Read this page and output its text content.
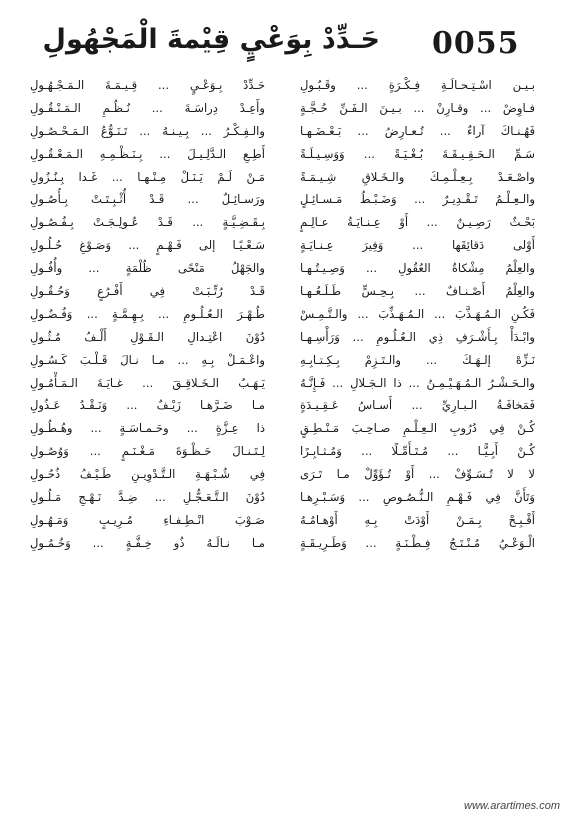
0055
حَـدِّدْ بِوَعْيٍ قِيْمةَ الْمَجْهُولِ
بـيـن اسْـتِـحـالَـةِ فِـكْـرَةٍ ... وقَـبُـولِ
حَـدِّدْ بِـوَعْـيٍ ... قِـيـمَـةَ الـمَـجْـهُـولِ
فـاوِضْ ... وقـارِنْ ... بـيـنَ الـفَـنِّ حُـجَّـةٍ
وأَعِـدْ دِراسَـةَ ... نُـظُـمِ الـمَـنْـقُـولِ
فَهُـنـاكَ آراءٌ ... تُـعـارِضُ ... بَـعْـضَـهـا
والـفِـكْـرُ ... بِـيـنـهُ ... تَـنَـوُّعُ الـمَـحْـصُـولِ
سَـمِّ الـحَـقِـيـقَـةَ بُـغْـيَـةً ... وَوَسِـيـلَـةً
أَطِـعِ الـدَّلِـيـلَ ... بِـنَـظْـمِـهِ الـمَـعْـقُـولِ
واصْـعَـدْ بِـعِـلْـمِـكَ والـخَـلاقِ شِـيـمَـةً
مَـنْ لَـمْ يَـنَـلْ مِـنْـهـا ... غَـدا بِـنُـزُولِ
والـعِـلْـمُ تَـقْـدِيـرٌ ... وَضَـبْـطُ مَـسـائِـلٍ
ورَسـائِـلٌ ... قَـدْ أُثْـبِـتَـتْ بِـأُصُـولِ
بَحْـثٌ رَصِـيـنٌ ... أَوْ عِـنـايَـةُ عـالِـمٍ
بِـقَـضِـيَّـةٍ ... قَـدْ عُـولِـجَـتْ بِـفُـصُـولِ
أَوْلى دَقائِقَها ... وَفِيرَ عِـنـايَـةٍ
سَـعْـيًـا إلى فَـهْـمٍ ... وَصَـوْغِ حُـلُـولِ
والعِلْمُ مِشْكاةُ العُقُولِ ... وَصِـيـتُـهـا
والجَهْلُ مَنْحًى ظُلْمَةٍ ... وأُفُـولِ
والعِلْمُ أَصْـنـافٌ ... بِـحِـسٍّ طَـلَـعُـهـا
قَـدْ رُتِّـبَـتْ فِي أَفْـرُعٍ وَحُـقُـولِ
فَكُـنِ الـمُـهَـذَّبَ ... الـمُـهَـذِّبَ ... والـتَّـمِـسْ
طُـهْـرَ الـعُـلُـومِ ... بِـهِـمَّـةٍ ... وَفُـضُـولِ
وابْـدَأْ بِـأَشْـرَفِ ذِي الـعُـلُـومِ ... وَرَأْسِـهـا
دُوْنَ اعْتِـدالِ الـقَـوْلِ أَلْـفُ مُـثُـولِ
نَـزِّهْ إلـهَـكَ ... والـتَـزِمْ بِـكِـتـابِـهِ
واعْـمَـلْ بِـهِ ... مـا نـالَ قَـلْـبَ كَـسُـولِ
والـحَـشْـرُ الـمُـهَـيْـمِـنُ ... ذا الـجَـلالِ ... فَـإِنَّـهُ
يَـهَـبُ الـخَـلاقِـقَ ... غـايَـةَ الـمَـأْمُـولِ
فَمَخافَـةُ الـبـارِيِّ ... أَسـاسُ عَـقِـيـدَةٍ
مـا ضَـرَّهـا زَيْـفٌ ... وَنَـقْـدُ عَـذُولِ
كُـنْ فِي دُرُوبِ الـعِـلْـمِ صـاحِـبَ مَـنْـطِـقٍ
ذا عِـزَّةٍ ... وحَـمـاسَـةٍ ... وهُـطُـولِ
كُـنْ أَبِـيًّـا ... مُـتَـأَمِّـلًا ... وَمُـثـابِـرًا
لِـتَـنـالَ حَـظْـوَةَ مَـغْـنَـمٍ ... وَوُصُـولِ
لا لا تُـسَـوِّفْ ... أَوْ تُـؤَوِّلْ مـا تَـرَى
فِي شُـبْـهَـةِ الـتَّـدْوِيـنِ طَـيْـفُ ذُحُـولِ
وَتَأَنَّ فِي فَـهْـمِ الـنُّـصُـوصِ ... وَسَـبْـرِهـا
دُوْنَ الـتَّـعَـجُّـلِ ... ضِـدَّ نَـهْـجِ مَـلُـولِ
أَقْـبِـحْ بِـمَـنْ أَوْدَتْ بِـهِ أَوْهـامُـهُ
صَـوْبَ انْـطِـفـاءِ مُـرِيـبٍ وَمَـهُـولِ
الْـوَعْـيُ مُـنْـتَـجُ فِـطْـنَـةٍ ... وَطَـرِيـقَـةٍ
مـا نـالَـهُ ذُو خِـفَّـةٍ ... وَخُـمُـولِ
www.arartimes.com
